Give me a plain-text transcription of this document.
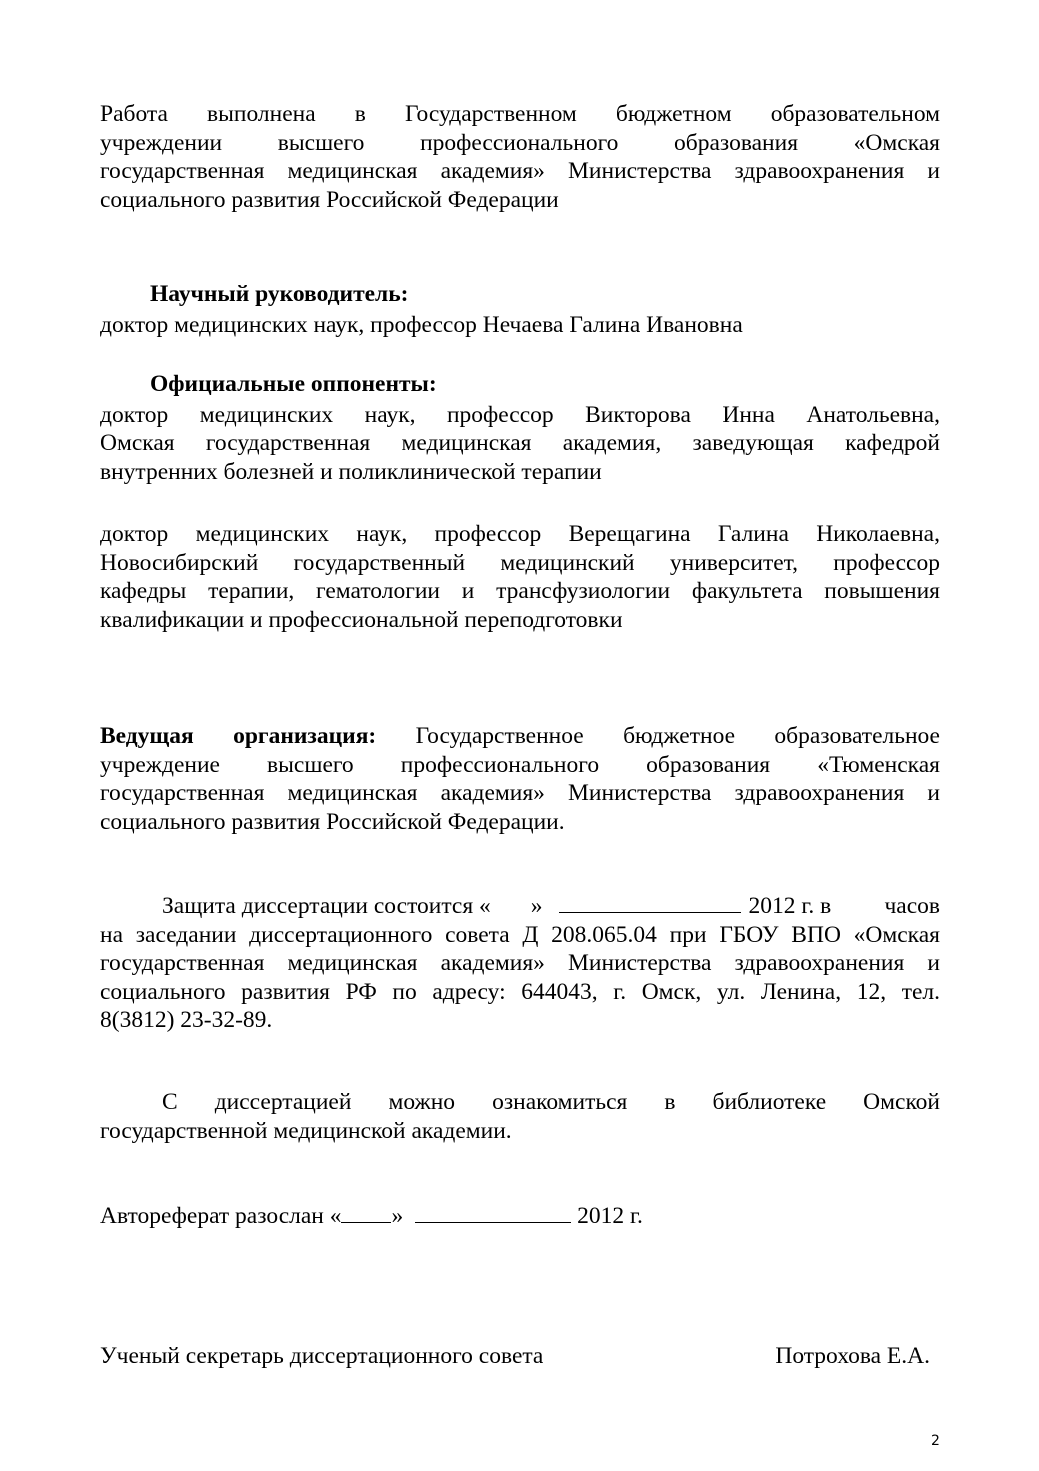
Работа выполнена в Государственном бюджетном образовательном
учреждении высшего профессионального образования «Омская
государственная медицинская академия» Министерства здравоохранения и
социального развития Российской Федерации
Научный руководитель:
доктор медицинских наук, профессор Нечаева Галина Ивановна
Официальные оппоненты:
доктор медицинских наук, профессор Викторова Инна Анатольевна,
Омская государственная медицинская академия, заведующая кафедрой
внутренних болезней и поликлинической терапии
доктор медицинских наук, профессор Верещагина Галина Николаевна,
Новосибирский государственный медицинский университет, профессор
кафедры терапии, гематологии и трансфузиологии факультета повышения
квалификации и профессиональной переподготовки
Ведущая организация: Государственное бюджетное образовательное
учреждение высшего профессионального образования «Тюменская
государственная медицинская академия» Министерства здравоохранения и
социального развития Российской Федерации.
Защита диссертации состоится « »	2012 г. в часов
на заседании диссертационного совета Д 208.065.04 при ГБОУ ВПО «Омская
государственная медицинская академия» Министерства здравоохранения и
социального развития РФ по адресу: 644043, г. Омск, ул. Ленина, 12, тел.
8(3812) 23-32-89.
С диссертацией можно ознакомиться в библиотеке Омской
государственной медицинской академии.
Автореферат разослан « »	2012 г.
Ученый секретарь диссертационного совета	Потрохова Е.А.
2
